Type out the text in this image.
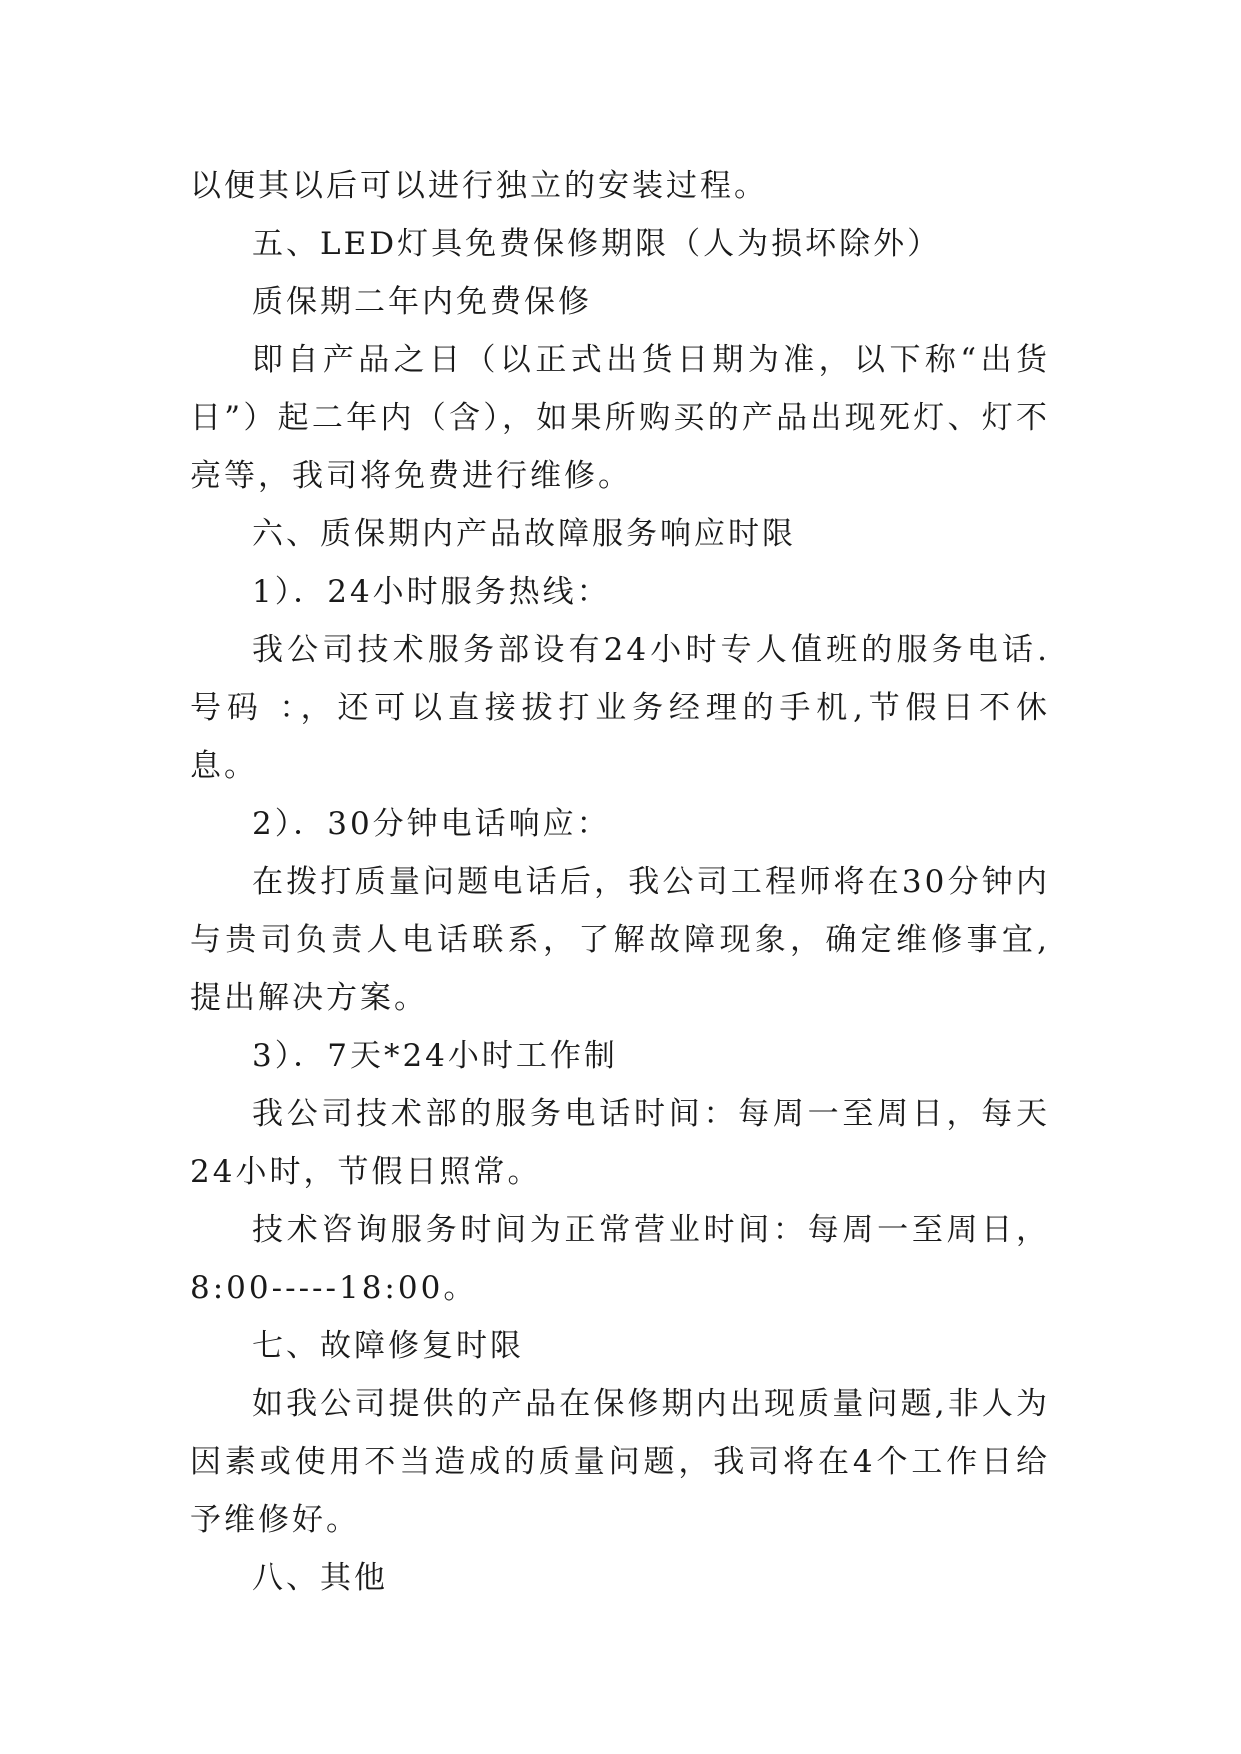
以便其以后可以进行独立的安装过程。

五、LED灯具免费保修期限（人为损坏除外）

质保期二年内免费保修

即自产品之日（以正式出货日期为准，以下称“出货日”）起二年内（含），如果所购买的产品出现死灯、灯不亮等，我司将免费进行维修。

六、质保期内产品故障服务响应时限

1）．24小时服务热线：

我公司技术服务部设有24小时专人值班的服务电话.号码 ：，还可以直接拔打业务经理的手机,节假日不休息。

2）．30分钟电话响应：

在拨打质量问题电话后，我公司工程师将在30分钟内与贵司负责人电话联系，了解故障现象，确定维修事宜,提出解决方案。

3）．7天*24小时工作制

我公司技术部的服务电话时间：每周一至周日，每天24小时，节假日照常。

技术咨询服务时间为正常营业时间：每周一至周日，8:00-----18:00。

七、故障修复时限

如我公司提供的产品在保修期内出现质量问题,非人为因素或使用不当造成的质量问题，我司将在4个工作日给予维修好。

八、其他
